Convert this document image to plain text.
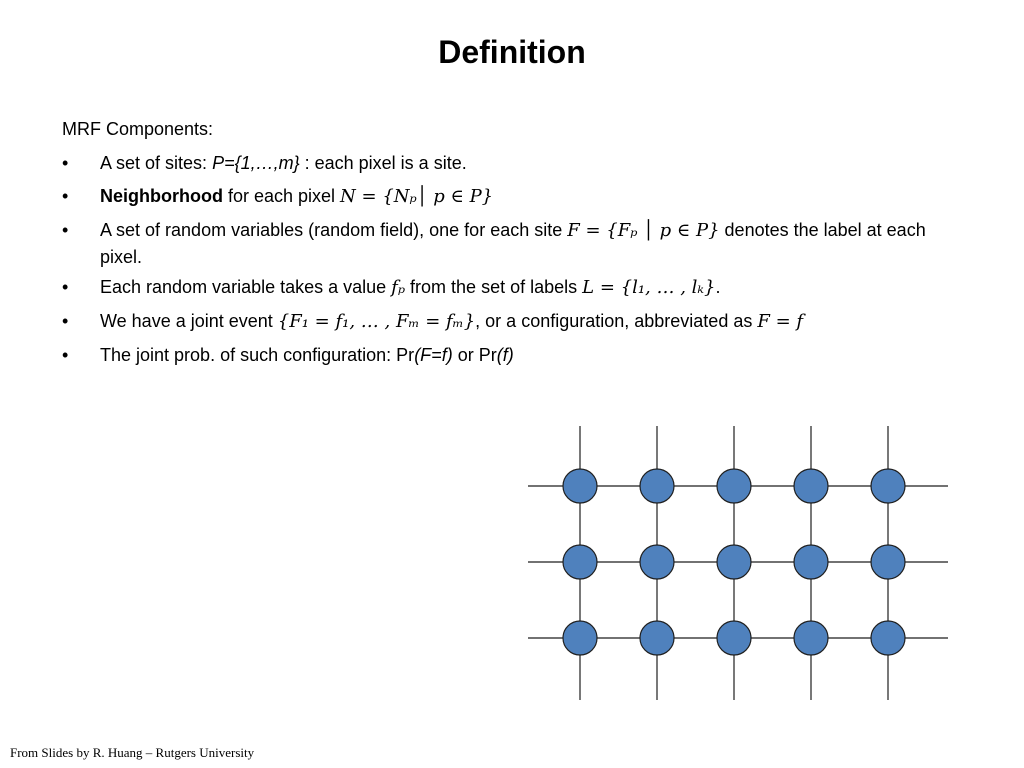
Definition
MRF Components:
• A set of sites: P={1,…,m} : each pixel is a site.
• Neighborhood for each pixel N = {Nₚ│ p ∈ P}
• A set of random variables (random field), one for each site F = {Fₚ │ p ∈ P} denotes the label at each pixel.
• Each random variable takes a value fₚ from the set of labels L = {l₁, … , lₖ}.
• We have a joint event {F₁ = f₁, … , Fₘ = fₘ}, or a configuration, abbreviated as F = f
• The joint prob. of such configuration: Pr(F=f) or Pr(f)
From Slides by R. Huang – Rutgers University
